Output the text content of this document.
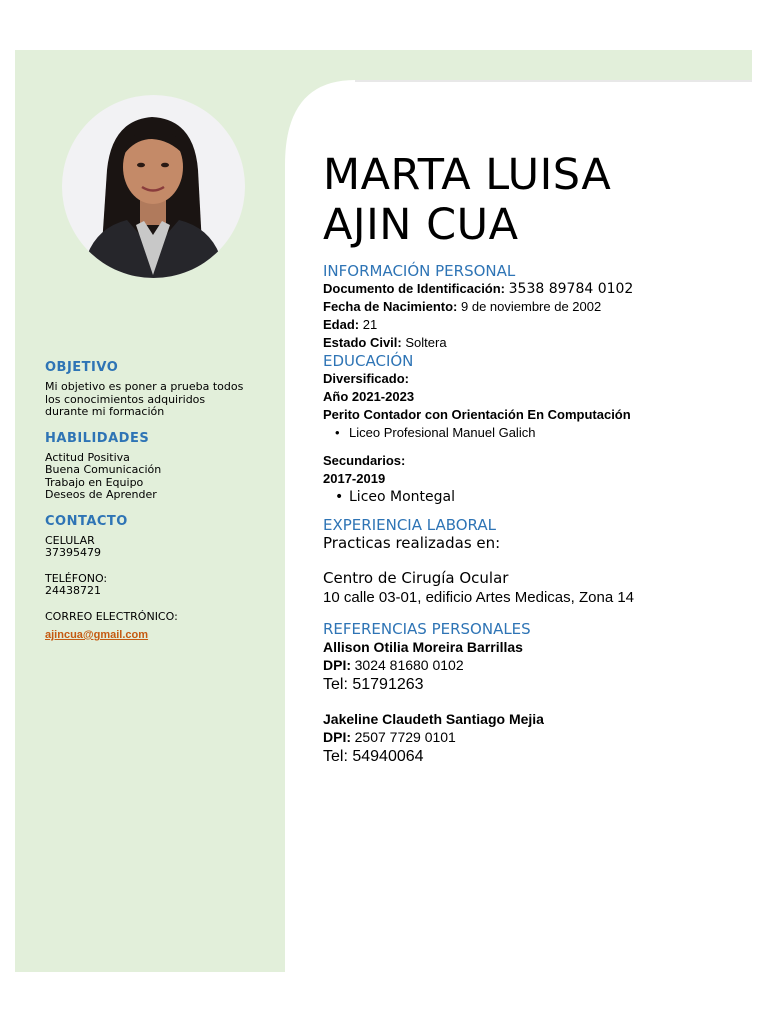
OBJETIVO

Mi objetivo es poner a prueba todos

los conocimientos adquiridos

durante mi formación

HABILIDADES

Actitud Positiva

Buena Comunicación

Trabajo en Equipo

Deseos de Aprender

CONTACTO

CELULAR

37395479

TELÉFONO:

24438721

CORREO ELECTRÓNICO:

ajincua@gmail.com
MARTA LUISA
AJIN CUA

INFORMACIÓN PERSONAL

Documento de Identificación: 3538 89784 0102

Fecha de Nacimiento: 9 de noviembre de 2002

Edad: 21

Estado Civil: Soltera

EDUCACIÓN

Diversificado:

Año 2021-2023

Perito Contador con Orientación En Computación

• Liceo Profesional Manuel Galich

Secundarios:

2017-2019

• Liceo Montegal

EXPERIENCIA LABORAL

Practicas realizadas en:

Centro de Cirugía Ocular

10 calle 03-01, edificio Artes Medicas, Zona 14

REFERENCIAS PERSONALES

Allison Otilia Moreira Barrillas

DPI: 3024 81680 0102

Tel: 51791263

Jakeline Claudeth Santiago Mejia

DPI: 2507 7729 0101

Tel: 54940064
